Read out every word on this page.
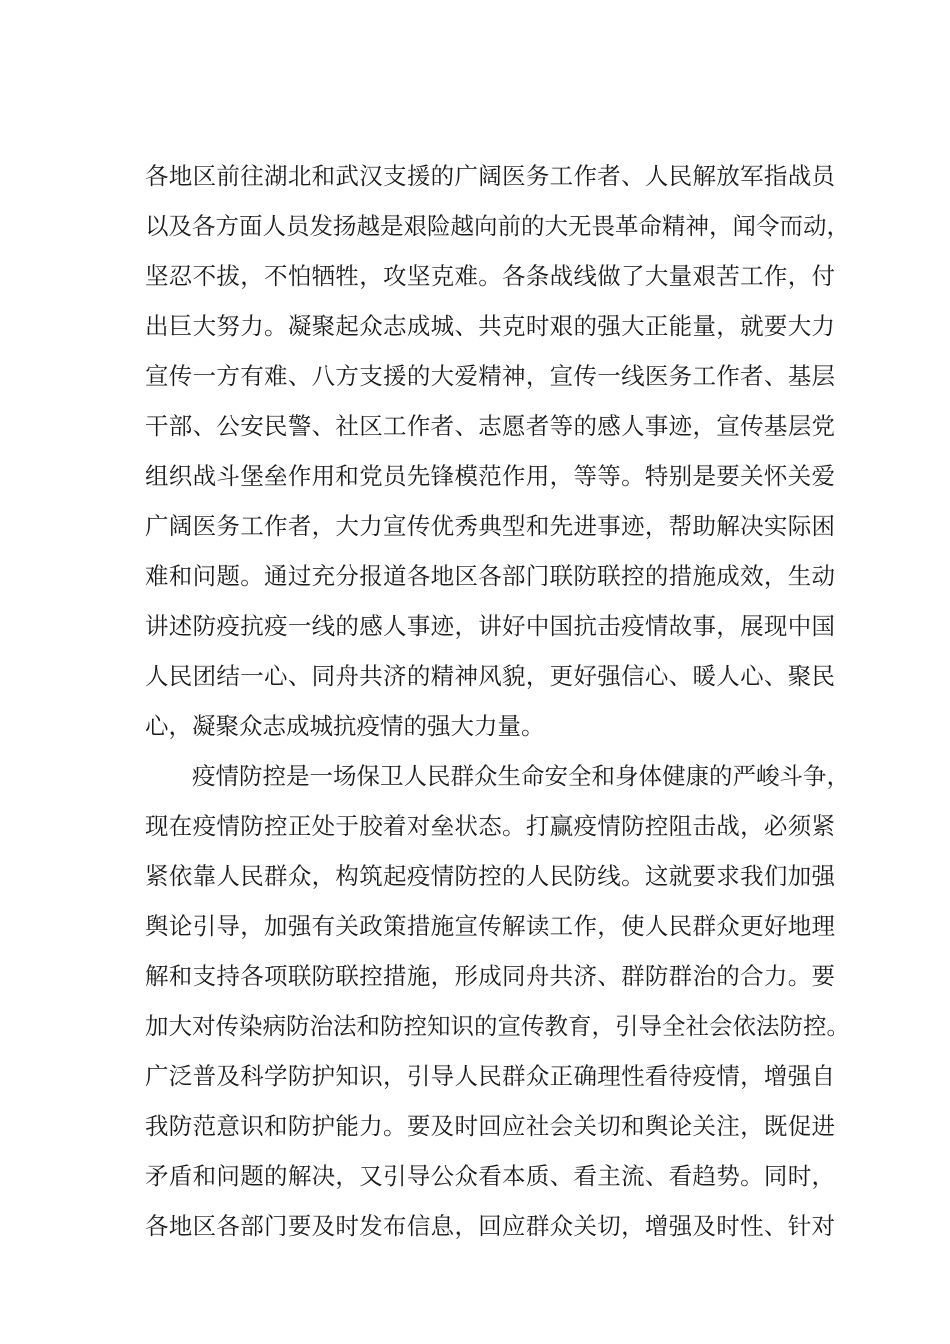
各地区前往湖北和武汉支援的广阔医务工作者、人民解放军指战员

以及各方面人员发扬越是艰险越向前的大无畏革命精神，闻令而动，

坚忍不拔，不怕牺牲，攻坚克难。各条战线做了大量艰苦工作，付

出巨大努力。凝聚起众志成城、共克时艰的强大正能量，就要大力

宣传一方有难、八方支援的大爱精神，宣传一线医务工作者、基层

干部、公安民警、社区工作者、志愿者等的感人事迹，宣传基层党

组织战斗堡垒作用和党员先锋模范作用，等等。特别是要关怀关爱

广阔医务工作者，大力宣传优秀典型和先进事迹，帮助解决实际困

难和问题。通过充分报道各地区各部门联防联控的措施成效，生动

讲述防疫抗疫一线的感人事迹，讲好中国抗击疫情故事，展现中国

人民团结一心、同舟共济的精神风貌，更好强信心、暖人心、聚民

心，凝聚众志成城抗疫情的强大力量。

疫情防控是一场保卫人民群众生命安全和身体健康的严峻斗争，

现在疫情防控正处于胶着对垒状态。打赢疫情防控阻击战，必须紧

紧依靠人民群众，构筑起疫情防控的人民防线。这就要求我们加强

舆论引导，加强有关政策措施宣传解读工作，使人民群众更好地理

解和支持各项联防联控措施，形成同舟共济、群防群治的合力。要

加大对传染病防治法和防控知识的宣传教育，引导全社会依法防控。

广泛普及科学防护知识，引导人民群众正确理性看待疫情，增强自

我防范意识和防护能力。要及时回应社会关切和舆论关注，既促进

矛盾和问题的解决，又引导公众看本质、看主流、看趋势。同时，

各地区各部门要及时发布信息，回应群众关切，增强及时性、针对
